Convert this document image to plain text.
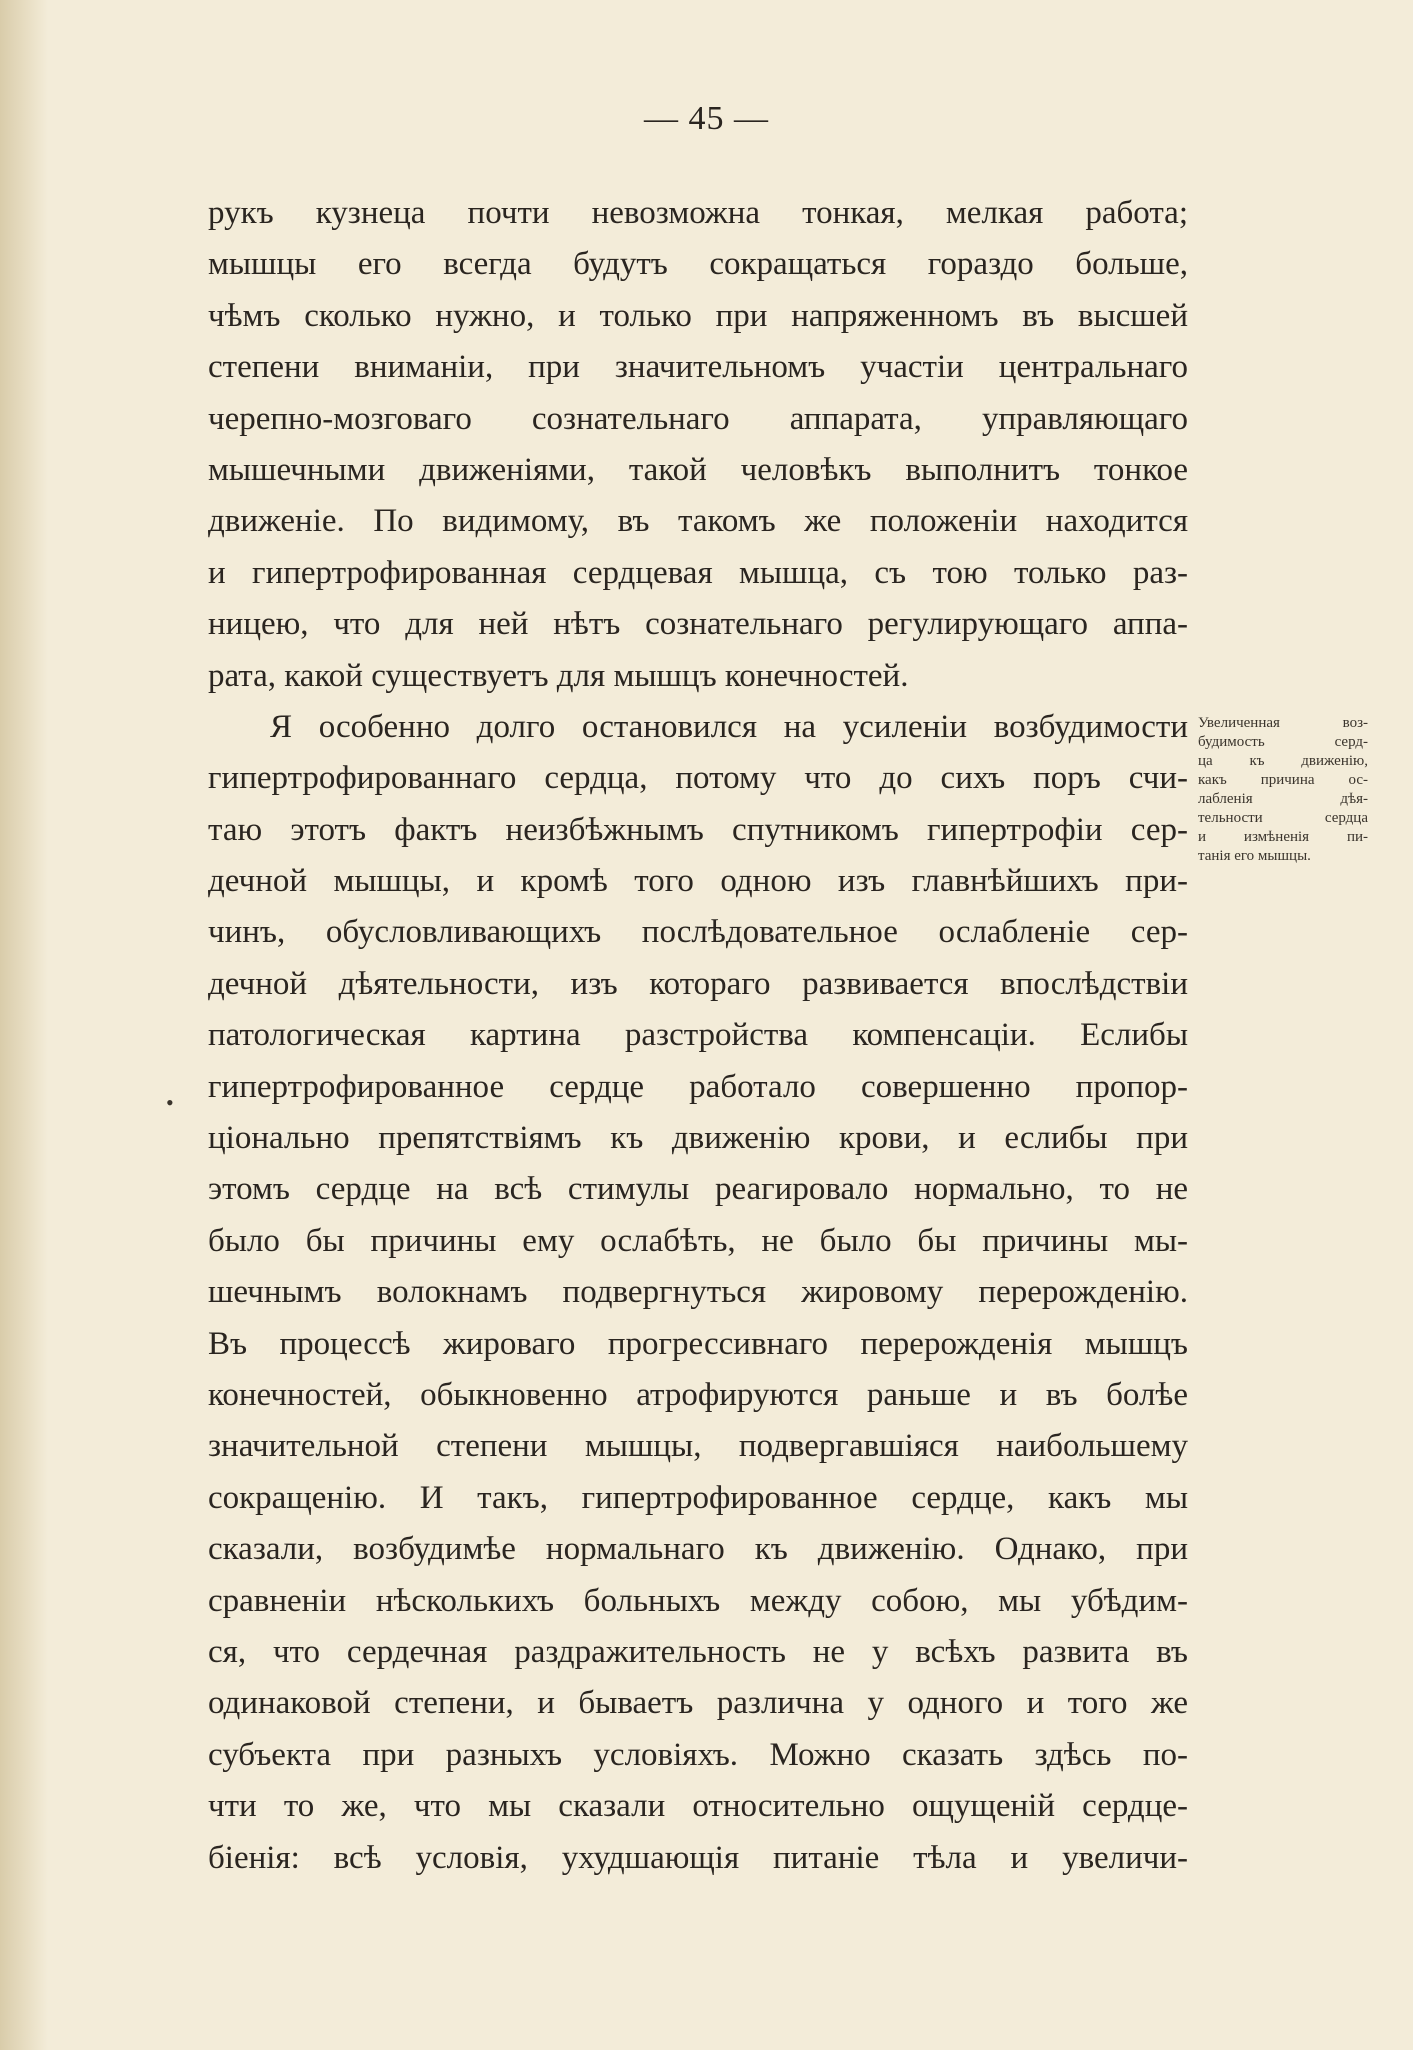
— 45 —
рукъ кузнеца почти невозможна тонкая, мелкая работа;
мышцы его всегда будутъ сокращаться гораздо больше,
чѣмъ сколько нужно, и только при напряженномъ въ высшей
степени вниманіи, при значительномъ участіи центральнаго
черепно-мозговаго сознательнаго аппарата, управляющаго
мышечными движеніями, такой человѣкъ выполнитъ тонкое
движеніе. По видимому, въ такомъ же положеніи находится
и гипертрофированная сердцевая мышца, съ тою только раз-
ницею, что для ней нѣтъ сознательнаго регулирующаго аппа-
рата, какой существуетъ для мышцъ конечностей.
Я особенно долго остановился на усиленіи возбудимости
гипертрофированнаго сердца, потому что до сихъ поръ счи-
таю этотъ фактъ неизбѣжнымъ спутникомъ гипертрофіи сер-
дечной мышцы, и кромѣ того одною изъ главнѣйшихъ при-
чинъ, обусловливающихъ послѣдовательное ослабленіе сер-
дечной дѣятельности, изъ котораго развивается впослѣдствіи
патологическая картина разстройства компенсаціи. Еслибы
гипертрофированное сердце работало совершенно пропор-
ціонально препятствіямъ къ движенію крови, и еслибы при
этомъ сердце на всѣ стимулы реагировало нормально, то не
было бы причины ему ослабѣть, не было бы причины мы-
шечнымъ волокнамъ подвергнуться жировому перерожденію.
Въ процессѣ жироваго прогрессивнаго перерожденія мышцъ
конечностей, обыкновенно атрофируются раньше и въ болѣе
значительной степени мышцы, подвергавшіяся наибольшему
сокращенію. И такъ, гипертрофированное сердце, какъ мы
сказали, возбудимѣе нормальнаго къ движенію. Однако, при
сравненіи нѣсколькихъ больныхъ между собою, мы убѣдим-
ся, что сердечная раздражительность не у всѣхъ развита въ
одинаковой степени, и бываетъ различна у одного и того же
субъекта при разныхъ условіяхъ. Можно сказать здѣсь по-
чти то же, что мы сказали относительно ощущеній сердце-
біенія: всѣ условія, ухудшающія питаніе тѣла и увеличи-
Увеличенная воз-
будимость серд-
ца къ движенію,
какъ причина ос-
лабленія дѣя-
тельности сердца
и измѣненія пи-
танія его мышцы.
•
